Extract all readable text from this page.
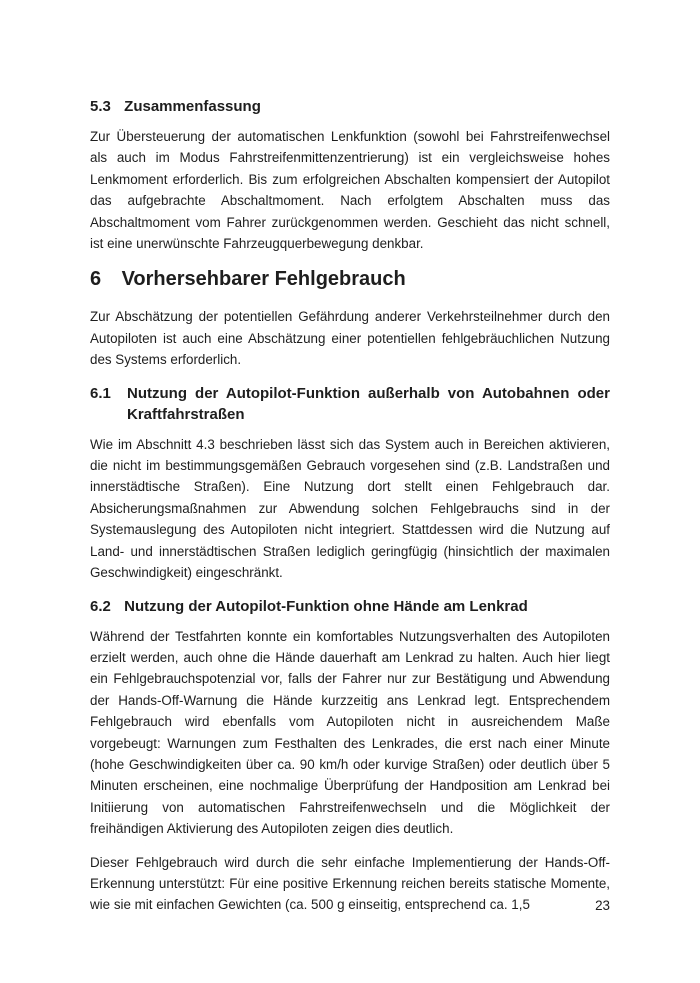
5.3 Zusammenfassung

Zur Übersteuerung der automatischen Lenkfunktion (sowohl bei Fahrstreifenwechsel als auch im Modus Fahrstreifenmittenzentrierung) ist ein vergleichsweise hohes Lenkmoment erforderlich. Bis zum erfolgreichen Abschalten kompensiert der Autopilot das aufgebrachte Abschaltmoment. Nach erfolgtem Abschalten muss das Abschaltmoment vom Fahrer zurückgenommen werden. Geschieht das nicht schnell, ist eine unerwünschte Fahrzeugquerbewegung denkbar.

6 Vorhersehbarer Fehlgebrauch

Zur Abschätzung der potentiellen Gefährdung anderer Verkehrsteilnehmer durch den Autopiloten ist auch eine Abschätzung einer potentiellen fehlgebräuchlichen Nutzung des Systems erforderlich.

6.1	Nutzung der Autopilot-Funktion außerhalb von Autobahnen oder Kraftfahrstraßen

Wie im Abschnitt 4.3 beschrieben lässt sich das System auch in Bereichen aktivieren, die nicht im bestimmungsgemäßen Gebrauch vorgesehen sind (z.B. Landstraßen und innerstädtische Straßen). Eine Nutzung dort stellt einen Fehlgebrauch dar. Absicherungsmaßnahmen zur Abwendung solchen Fehlgebrauchs sind in der Systemauslegung des Autopiloten nicht integriert. Stattdessen wird die Nutzung auf Land- und innerstädtischen Straßen lediglich geringfügig (hinsichtlich der maximalen Geschwindigkeit) eingeschränkt.

6.2 Nutzung der Autopilot-Funktion ohne Hände am Lenkrad

Während der Testfahrten konnte ein komfortables Nutzungsverhalten des Autopiloten erzielt werden, auch ohne die Hände dauerhaft am Lenkrad zu halten. Auch hier liegt ein Fehlgebrauchspotenzial vor, falls der Fahrer nur zur Bestätigung und Abwendung der Hands-Off-Warnung die Hände kurzzeitig ans Lenkrad legt. Entsprechendem Fehlgebrauch wird ebenfalls vom Autopiloten nicht in ausreichendem Maße vorgebeugt: Warnungen zum Festhalten des Lenkrades, die erst nach einer Minute (hohe Geschwindigkeiten über ca. 90 km/h oder kurvige Straßen) oder deutlich über 5 Minuten erscheinen, eine nochmalige Überprüfung der Handposition am Lenkrad bei Initiierung von automatischen Fahrstreifenwechseln und die Möglichkeit der freihändigen Aktivierung des Autopiloten zeigen dies deutlich.

Dieser Fehlgebrauch wird durch die sehr einfache Implementierung der Hands-Off-Erkennung unterstützt: Für eine positive Erkennung reichen bereits statische Momente, wie sie mit einfachen Gewichten (ca. 500 g einseitig, entsprechend ca. 1,5	23
